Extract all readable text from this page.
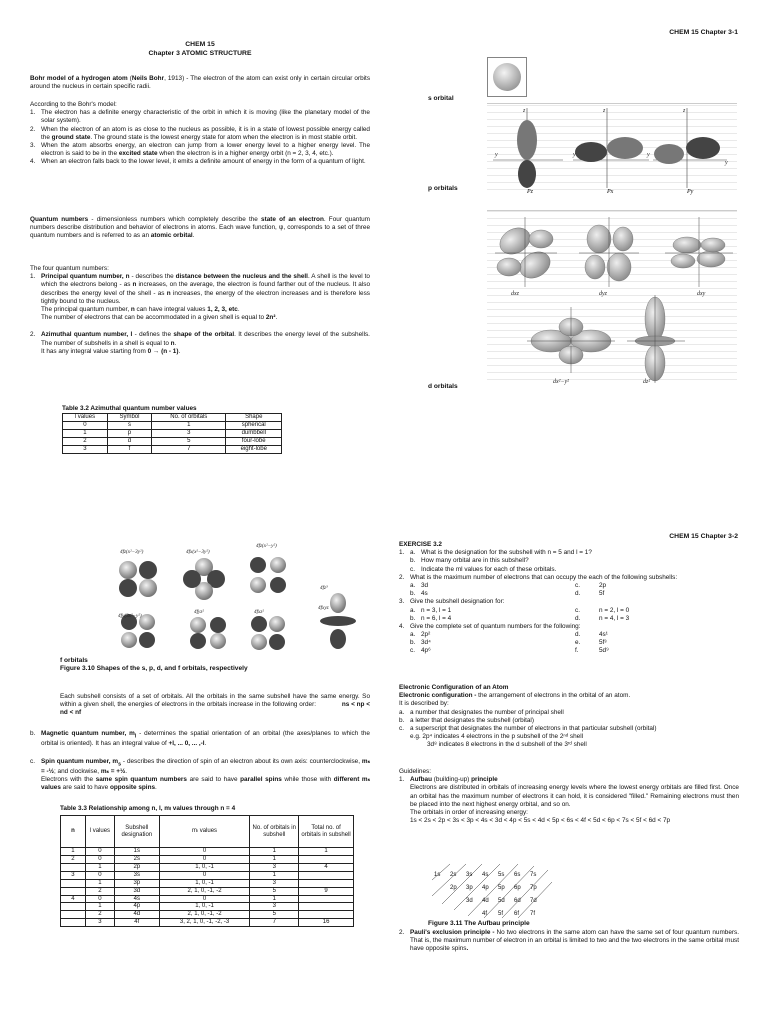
CHEM 15 Chapter 3-1
CHEM 15
Chapter 3 ATOMIC STRUCTURE
Bohr model of a hydrogen atom (Neils Bohr, 1913) - The electron of the atom can exist only in certain circular orbits around the nucleus in certain specific radii.

According to the Bohr's model:

1. The electron has a definite energy characteristic of the orbit in which it is moving (like the planetary model of the solar system).
2. When the electron of an atom is as close to the nucleus as possible, it is in a state of lowest possible energy called the ground state. The ground state is the lowest energy state for atom when the electron is in most stable orbit.
3. When the atom absorbs energy, an electron can jump from a lower energy level to a higher energy level. The electron is said to be in the excited state when the electron is in a higher energy orbit (n = 2, 3, 4, etc.).
4. When an electron falls back to the lower level, it emits a definite amount of energy in the form of a quantum of light.
Quantum numbers - dimensionless numbers which completely describe the state of an electron. Four quantum numbers describe distribution and behavior of electrons in atoms. Each wave function, ψ, corresponds to a set of three quantum numbers and is referred to as an atomic orbital.

The four quantum numbers:

1. Principal quantum number, n - describes the distance between the nucleus and the shell. A shell is the level to which the electrons belong - as n increases, on the average, the electron is found farther out of the nucleus. It also describes the energy level of the shell - as n increases, the energy of the electron increases and is therefore less tightly bound to the nucleus.
The principal quantum number, n can have integral values 1, 2, 3, etc.
The number of electrons that can be accommodated in a given shell is equal to 2n².
2. Azimuthal quantum number, l - defines the shape of the orbital. It describes the energy level of the subshells. The number of subshells in a shell is equal to n.
It has any integral value starting from 0 → (n - 1).
Table 3.2 Azimuthal quantum number values
l values	Symbol	No. of orbitals	Shape
0	s	1	spherical
1	p	3	dumbbell
2	d	5	four-lobe
3	f	7	eight-lobe
s orbital
z	z	z
y	y	y
y
Pz	Px	Py
p orbitals
dxz	dyz	dxy
dx²−y²	dz²
d orbitals
CHEM 15 Chapter 3-2
4fz(x²−3y²)	4fx(x²−3y²)
4fz(x²−y²)
4fz³
4fy(3x²−y²)
4fyz²	4fxz²
4fxyz
f orbitals
Figure 3.10 Shapes of the s, p, d, and f orbitals, respectively
Each subshell consists of a set of orbitals. All the orbitals in the same subshell have the same energy. So within a given shell, the energies of electrons in the orbitals increase in the following order:	ns < np < nd < nf
b. Magnetic quantum number, $m_l$ - determines the spatial orientation of an orbital (the axes/planes to which the orbital is oriented). It has an integral value of +l, ... 0, ... ,-l.
c. Spin quantum number, $m_s$ - describes the direction of spin of an electron about its own axis: counterclockwise, mₛ = -½; and clockwise, mₛ = +½.
Electrons with the same spin quantum numbers are said to have parallel spins while those with different mₛ values are said to have opposite spins.
Table 3.3 Relationship among n, l, mₗ values through n = 4
n	l values	Subshell designation	mₗ values	No. of orbitals in subshell	Total no. of orbitals in subshell
1	0	1s	0	1	1
2	0	2s	0	1	
	1	2p	1, 0, -1	3	4
3	0	3s	0	1	
	1	3p	1, 0, -1	3	
	2	3d	2, 1, 0, -1, -2	5	9
4	0	4s	0	1	
	1	4p	1, 0, -1	3	
	2	4d	2, 1, 0, -1, -2	5	
	3	4f	3, 2, 1, 0, -1, -2, -3	7	16
EXERCISE 3.2
1. a. What is the designation for the subshell with n = 5 and l = 1?
b. How many orbital are in this subshell?
c. Indicate the ml values for each of these orbitals.
2. What is the maximum number of electrons that can occupy the each of the following subshells:
a. 3d	c.	2p
b. 4s	d.	5f
3. Give the subshell designation for:
a. n = 3, l = 1	c.	n = 2, l = 0
b. n = 6, l = 4	d.	n = 4, l = 3
4. Give the complete set of quantum numbers for the following:
a. 2p²	d.	4s¹
b. 3d⁴	e.	5f³
c. 4p⁶	f.	5d⁹
Electronic Configuration of an Atom
Electronic configuration - the arrangement of electrons in the orbital of an atom.
It is described by:
a. a number that designates the number of principal shell
b. a letter that designates the subshell (orbital)
c. a superscript that designates the number of electrons in that particular subshell (orbital)
e.g. 2p⁴ indicates 4 electrons in the p subshell of the 2ⁿᵈ shell
3d⁸ indicates 8 electrons in the d subshell of the 3ʳᵈ shell
Guidelines:
1. Aufbau (building-up) principle
Electrons are distributed in orbitals of increasing energy levels where the lowest energy orbitals are filled first. Once an orbital has the maximum number of electrons it can hold, it is considered "filled." Remaining electrons must then be placed into the next highest energy orbital, and so on.
The orbitals in order of increasing energy:
1s < 2s < 2p < 3s < 3p < 4s < 3d < 4p < 5s < 4d < 5p < 6s < 4f < 5d < 6p < 7s < 5f < 6d < 7p
1s 2s 3s 4s 5s 6s 7s
2p 3p 4p 5p 6p 7p
3d 4d 5d 6d 7d
4f 5f 6f 7f
Figure 3.11 The Aufbau principle
2. Pauli's exclusion principle - No two electrons in the same atom can have the same set of four quantum numbers. That is, the maximum number of electron in an orbital is limited to two and the two electrons in the same orbital must have opposite spins.
